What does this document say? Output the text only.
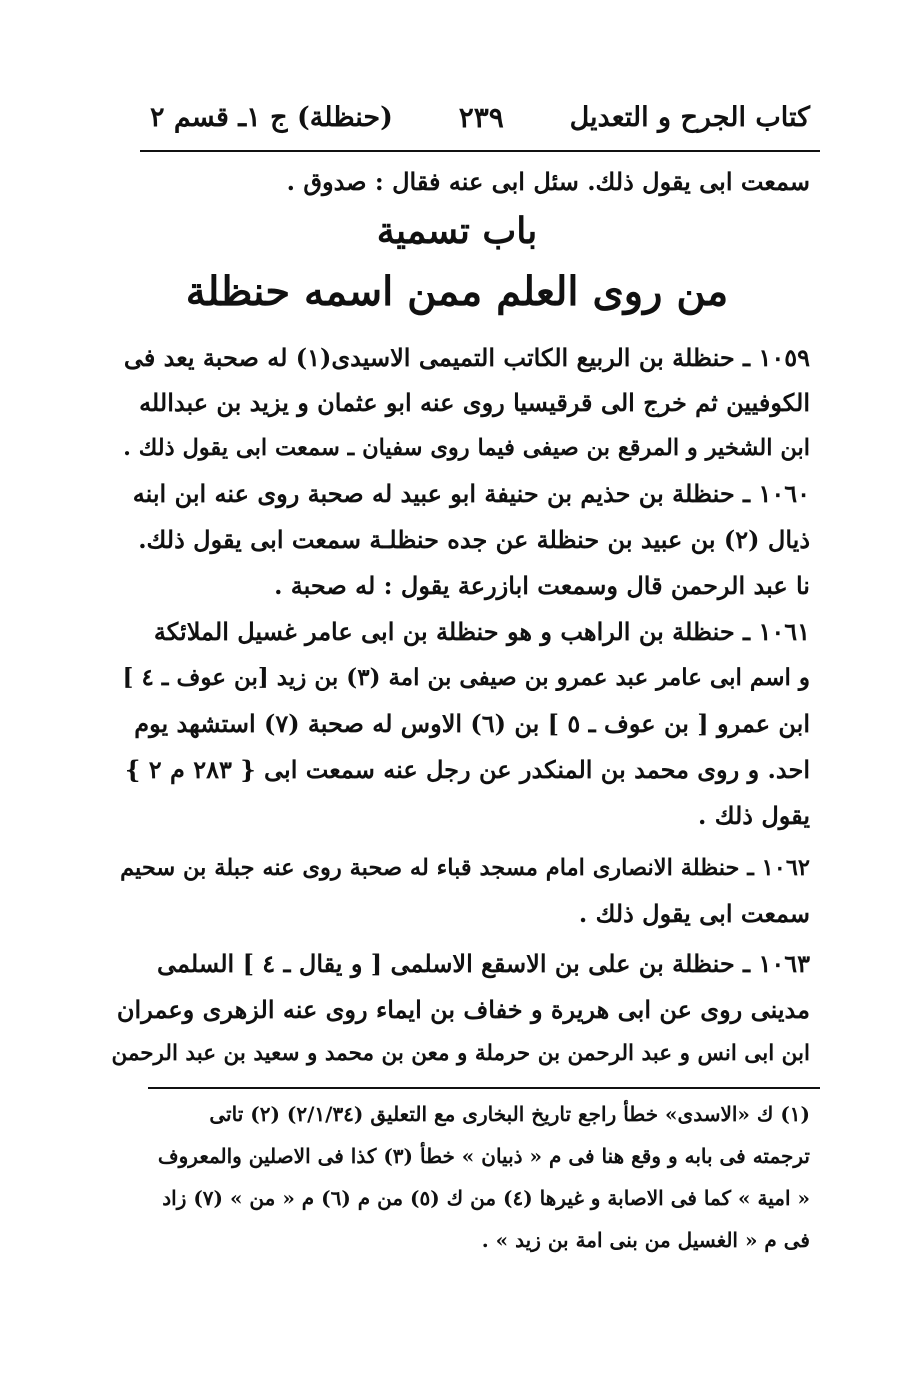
كتاب الجرح و التعديل
٢٣٩
(حنظلة) ج ١ـ قسم ٢
سمعت ابى يقول ذلك. سئل ابى عنه فقال : صدوق .
باب تسمية
من روى العلم ممن اسمه حنظلة
١٠٥٩ ـ حنظلة بن الربيع الكاتب التميمى الاسيدى(١) له صحبة يعد فى
الكوفيين ثم خرج الى قرقيسيا روى عنه ابو عثمان و يزيد بن عبدالله
ابن الشخير و المرقع بن صيفى فيما روى سفيان ـ سمعت ابى يقول ذلك .
١٠٦٠ ـ حنظلة بن حذيم بن حنيفة ابو عبيد له صحبة روى عنه ابن ابنه
ذيال (٢) بن عبيد بن حنظلة عن جده حنظلـة سمعت ابى يقول ذلك.
نا عبد الرحمن قال وسمعت ابازرعة يقول : له صحبة .
١٠٦١ ـ حنظلة بن الراهب و هو حنظلة بن ابى عامر غسيل الملائكة
و اسم ابى عامر عبد عمرو بن صيفى بن امة (٣) بن زيد [بن عوف ـ ٤ ]
ابن عمرو [ بن عوف ـ ٥ ] بن (٦) الاوس له صحبة (٧) استشهد يوم
احد. و روى محمد بن المنكدر عن رجل عنه سمعت ابى { ٢٨٣ م ٢ }
يقول ذلك .
١٠٦٢ ـ حنظلة الانصارى امام مسجد قباء له صحبة روى عنه جبلة بن سحيم
سمعت ابى يقول ذلك .
١٠٦٣ ـ حنظلة بن على بن الاسقع الاسلمى [ و يقال ـ ٤ ] السلمى
مدينى روى عن ابى هريرة و خفاف بن ايماء روى عنه الزهرى وعمران
ابن ابى انس و عبد الرحمن بن حرملة و معن بن محمد و سعيد بن عبد الرحمن
(١) ك «الاسدى» خطأ راجع تاريخ البخارى مع التعليق (٢/١/٣٤) (٢) تاتى
ترجمته فى بابه و وقع هنا فى م « ذبيان » خطأ (٣) كذا فى الاصلين والمعروف
« امية » كما فى الاصابة و غيرها (٤) من ك (٥) من م (٦) م « من » (٧) زاد
فى م « الغسيل من بنى امة بن زيد » .
